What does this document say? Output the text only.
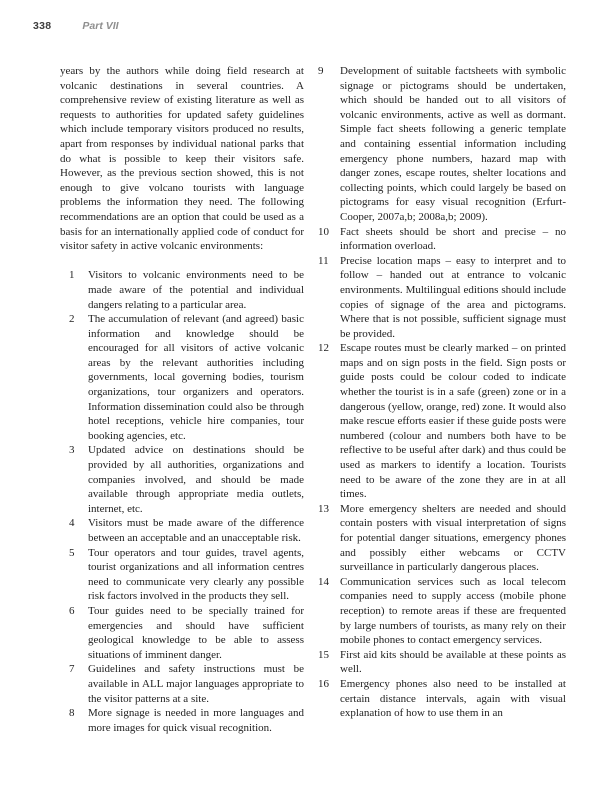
338	Part VII

years by the authors while doing field research at volcanic destinations in several countries. A comprehensive review of existing literature as well as requests to authorities for updated safety guidelines which include temporary visitors produced no results, apart from responses by individual national parks that do what is possible to keep their visitors safe. However, as the previous section showed, this is not enough to give volcano tourists with language problems the information they need. The following recommendations are an option that could be used as a basis for an internationally applied code of conduct for visitor safety in active volcanic environments:

1	Visitors to volcanic environments need to be made aware of the potential and individual dangers relating to a particular area.
2	The accumulation of relevant (and agreed) basic information and knowledge should be encouraged for all visitors of active volcanic areas by the relevant authorities including governments, local governing bodies, tourism organizations, tour organizers and operators. Information dissemination could also be through hotel receptions, vehicle hire companies, tour booking agencies, etc.
3	Updated advice on destinations should be provided by all authorities, organizations and companies involved, and should be made available through appropriate media outlets, internet, etc.
4	Visitors must be made aware of the difference between an acceptable and an unacceptable risk.
5	Tour operators and tour guides, travel agents, tourist organizations and all information centres need to communicate very clearly any possible risk factors involved in the products they sell.
6	Tour guides need to be specially trained for emergencies and should have sufficient geological knowledge to be able to assess situations of imminent danger.
7	Guidelines and safety instructions must be available in ALL major languages appropriate to the visitor patterns at a site.
8	More signage is needed in more languages and more images for quick visual recognition.
9	Development of suitable factsheets with symbolic signage or pictograms should be undertaken, which should be handed out to all visitors of volcanic environments, active as well as dormant. Simple fact sheets following a generic template and containing essential information including emergency phone numbers, hazard map with danger zones, escape routes, shelter locations and collecting points, which could largely be based on pictograms for easy visual recognition (Erfurt-Cooper, 2007a,b; 2008a,b; 2009).
10	Fact sheets should be short and precise – no information overload.
11	Precise location maps – easy to interpret and to follow – handed out at entrance to volcanic environments. Multilingual editions should include copies of signage of the area and pictograms. Where that is not possible, sufficient signage must be provided.
12	Escape routes must be clearly marked – on printed maps and on sign posts in the field. Sign posts or guide posts could be colour coded to indicate whether the tourist is in a safe (green) zone or in a dangerous (yellow, orange, red) zone. It would also make rescue efforts easier if these guide posts were numbered (colour and numbers both have to be reflective to be useful after dark) and thus could be used as markers to identify a location. Tourists need to be aware of the zone they are in at all times.
13	More emergency shelters are needed and should contain posters with visual interpretation of signs for potential danger situations, emergency phones and possibly either webcams or CCTV surveillance in particularly dangerous places.
14	Communication services such as local telecom companies need to supply access (mobile phone reception) to remote areas if these are frequented by large numbers of tourists, as many rely on their mobile phones to contact emergency services.
15	First aid kits should be available at these points as well.
16	Emergency phones also need to be installed at certain distance intervals, again with visual explanation of how to use them in an
